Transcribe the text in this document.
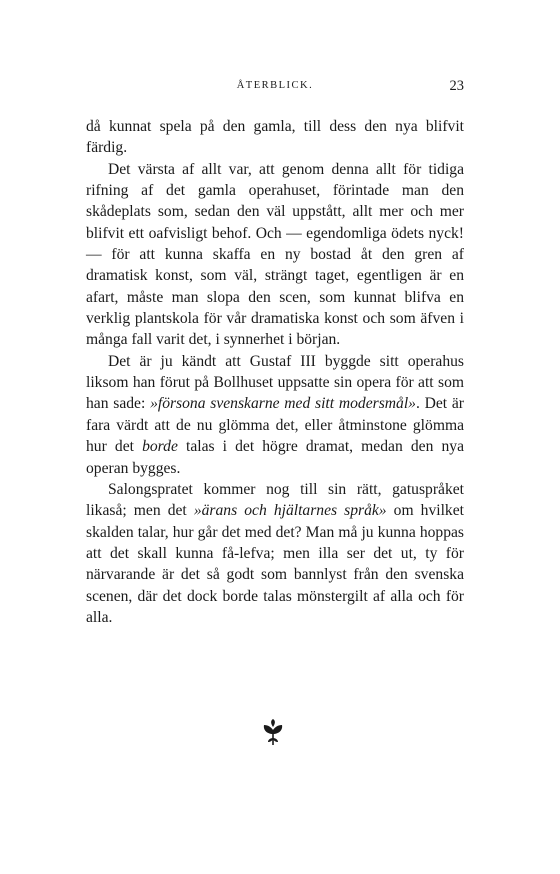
ÅTERBLICK.	23

då kunnat spela på den gamla, till dess den nya blifvit färdig.

Det värsta af allt var, att genom denna allt för tidiga rifning af det gamla operahuset, förintade man den skådeplats som, sedan den väl uppstått, allt mer och mer blifvit ett oafvisligt behof. Och — egendomliga ödets nyck! — för att kunna skaffa en ny bostad åt den gren af dramatisk konst, som väl, strängt taget, egentligen är en afart, måste man slopa den scen, som kunnat blifva en verklig plantskola för vår dramatiska konst och som äfven i många fall varit det, i synnerhet i början.

Det är ju kändt att Gustaf III byggde sitt operahus liksom han förut på Bollhuset uppsatte sin opera för att som han sade: »försona svenskarne med sitt modersmål». Det är fara värdt att de nu glömma det, eller åtminstone glömma hur det borde talas i det högre dramat, medan den nya operan bygges.

Salongspratet kommer nog till sin rätt, gatuspråket likaså; men det »ärans och hjältarnes språk» om hvilket skalden talar, hur går det med det? Man må ju kunna hoppas att det skall kunna få-lefva; men illa ser det ut, ty för närvarande är det så godt som bannlyst från den svenska scenen, där det dock borde talas mönstergilt af alla och för alla.
